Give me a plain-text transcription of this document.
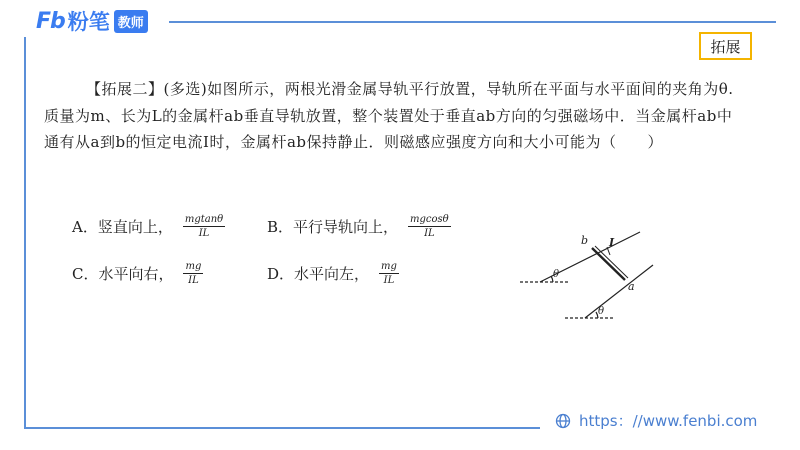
Fb 粉笔 教师
拓展
【拓展二】(多选)如图所示，两根光滑金属导轨平行放置，导轨所在平面与水平面间的夹角为θ.质量为m、长为L的金属杆ab垂直导轨放置，整个装置处于垂直ab方向的匀强磁场中．当金属杆ab中通有从a到b的恒定电流I时，金属杆ab保持静止．则磁感应强度方向和大小可能为（　　）
A．竖直向上， $\frac{mgtan\theta}{IL}$	B．平行导轨向上， $\frac{mgcos\theta}{IL}$
C．水平向右， $\frac{mg}{IL}$	D．水平向左， $\frac{mg}{IL}$
b
a
I
θ
θ
https：//www.fenbi.com
